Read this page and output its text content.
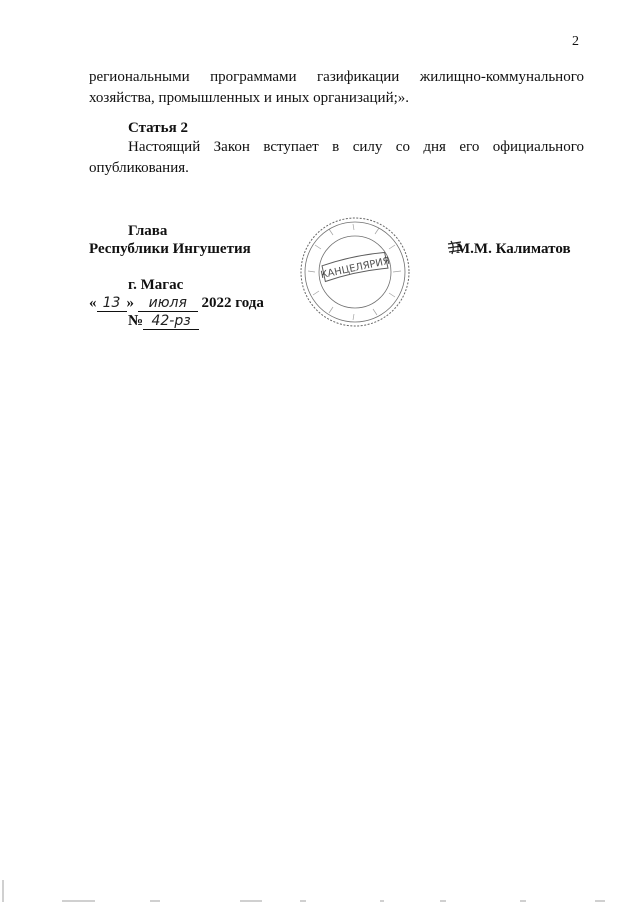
2

региональными программами газификации жилищно-коммунального

хозяйства, промышленных и иных организаций;».

Статья 2

Настоящий Закон вступает в силу со дня его официального

опубликования.

Глава
Республики Ингушетия
КАНЦЕЛЯРИЯ
М.М. Калиматов
г. Магас
« 13 » июля 2022 года
№ 42-рз
